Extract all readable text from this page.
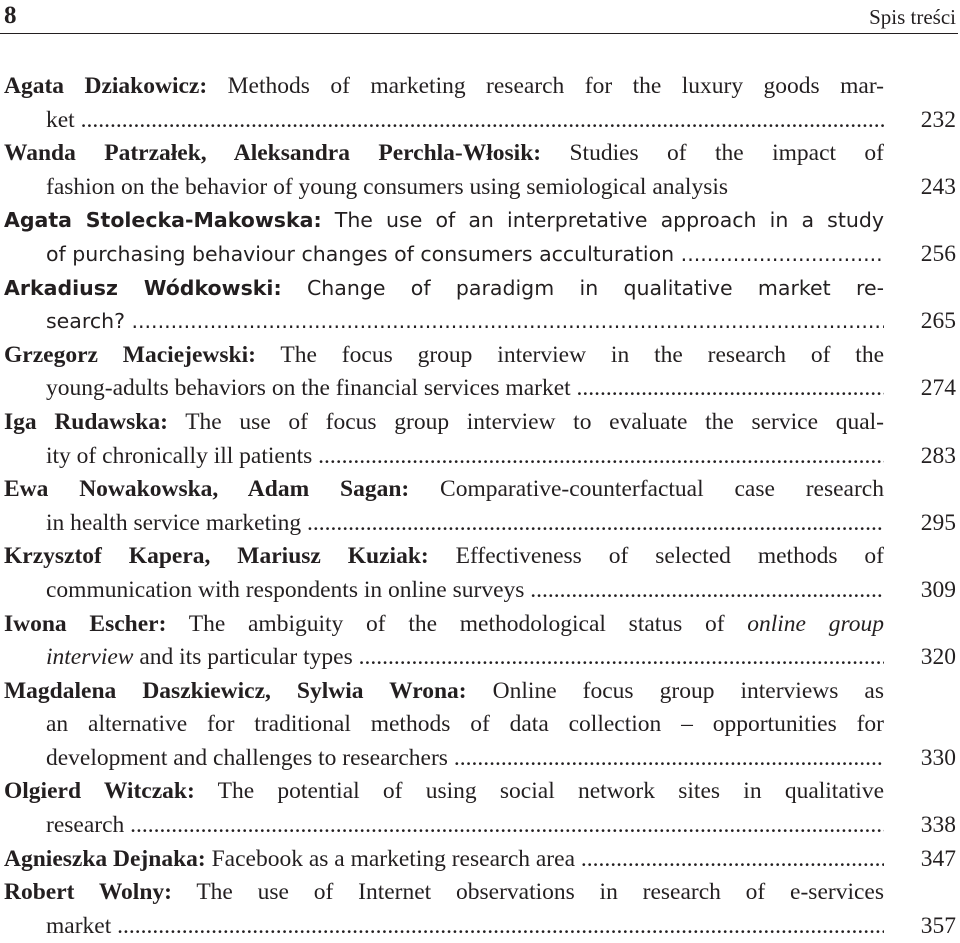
8	Spis treści
Agata Dziakowicz: Methods of marketing research for the luxury goods mar-
ket .....	232
Wanda Patrzałek, Aleksandra Perchla-Włosik: Studies of the impact of
fashion on the behavior of young consumers using semiological analysis	243
Agata Stolecka-Makowska: The use of an interpretative approach in a study
of purchasing behaviour changes of consumers acculturation .....	256
Arkadiusz Wódkowski: Change of paradigm in qualitative market re-
search? .....	265
Grzegorz Maciejewski: The focus group interview in the research of the
young-adults behaviors on the financial services market .....	274
Iga Rudawska: The use of focus group interview to evaluate the service qual-
ity of chronically ill patients .....	283
Ewa Nowakowska, Adam Sagan: Comparative-counterfactual case research
in health service marketing .....	295
Krzysztof Kapera, Mariusz Kuziak: Effectiveness of selected methods of
communication with respondents in online surveys .....	309
Iwona Escher: The ambiguity of the methodological status of online group
interview and its particular types .....	320
Magdalena Daszkiewicz, Sylwia Wrona: Online focus group interviews as
an alternative for traditional methods of data collection – opportunities for
development and challenges to researchers .....	330
Olgierd Witczak: The potential of using social network sites in qualitative
research .....	338
Agnieszka Dejnaka: Facebook as a marketing research area .....	347
Robert Wolny: The use of Internet observations in research of e-services
market .....	357
